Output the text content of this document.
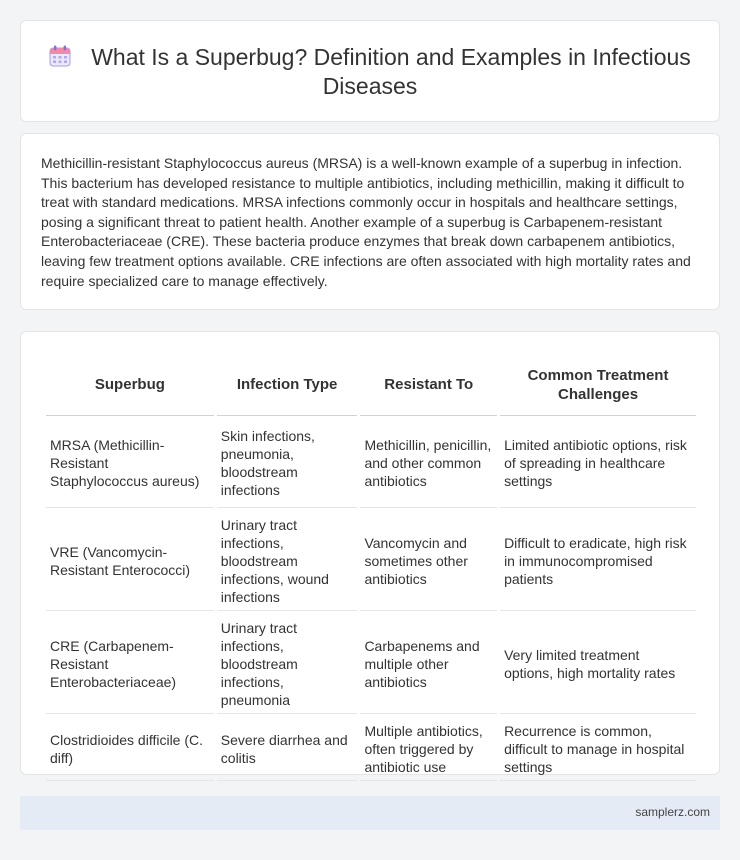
What Is a Superbug? Definition and Examples in Infectious Diseases

Methicillin-resistant Staphylococcus aureus (MRSA) is a well-known example of a superbug in infection. This bacterium has developed resistance to multiple antibiotics, including methicillin, making it difficult to treat with standard medications. MRSA infections commonly occur in hospitals and healthcare settings, posing a significant threat to patient health. Another example of a superbug is Carbapenem-resistant Enterobacteriaceae (CRE). These bacteria produce enzymes that break down carbapenem antibiotics, leaving few treatment options available. CRE infections are often associated with high mortality rates and require specialized care to manage effectively.

Superbug	Infection Type	Resistant To	Common Treatment Challenges
MRSA (Methicillin-Resistant Staphylococcus aureus)	Skin infections, pneumonia, bloodstream infections	Methicillin, penicillin, and other common antibiotics	Limited antibiotic options, risk of spreading in healthcare settings
VRE (Vancomycin-Resistant Enterococci)	Urinary tract infections, bloodstream infections, wound infections	Vancomycin and sometimes other antibiotics	Difficult to eradicate, high risk in immunocompromised patients
CRE (Carbapenem-Resistant Enterobacteriaceae)	Urinary tract infections, bloodstream infections, pneumonia	Carbapenems and multiple other antibiotics	Very limited treatment options, high mortality rates
Clostridioides difficile (C. diff)	Severe diarrhea and colitis	Multiple antibiotics, often triggered by antibiotic use	Recurrence is common, difficult to manage in hospital settings
samplerz.com
